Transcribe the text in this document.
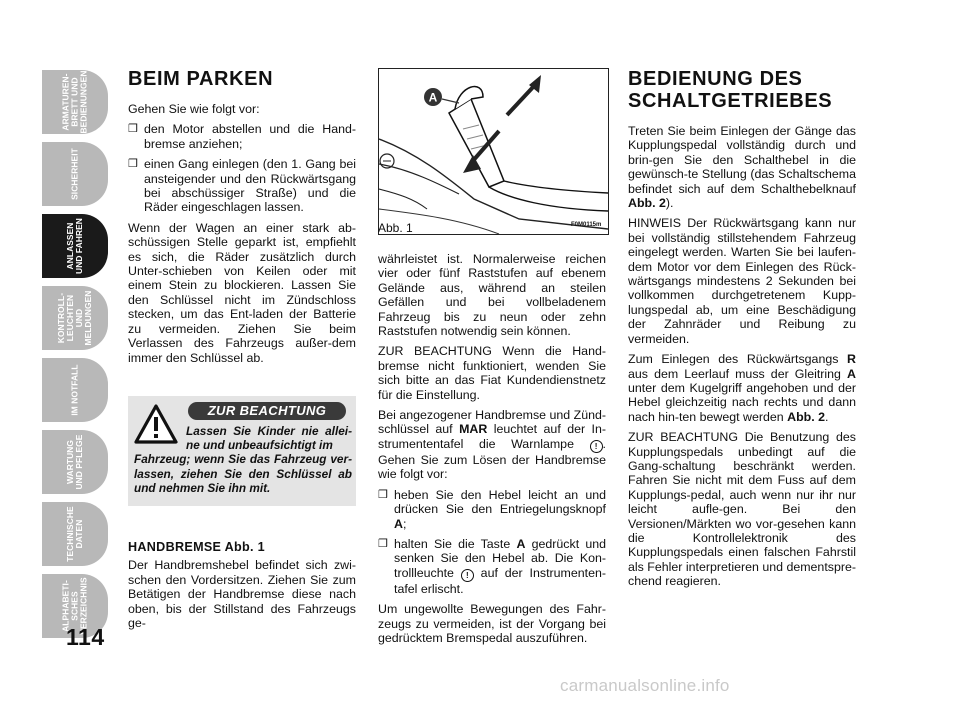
ARMATUREN-
BRETT UND
BEDIENUNGEN
SICHERHEIT
ANLASSEN
UND FAHREN
KONTROLL-
LEUCHTEN UND
MELDUNGEN
IM NOTFALL
WARTUNG
UND PFLEGE
TECHNISCHE
DATEN
ALPHABETI-
SCHES
VERZEICHNIS
114
BEIM PARKEN

Gehen Sie wie folgt vor:

❒ den Motor abstellen und die Hand-bremse anziehen;

❒ einen Gang einlegen (den 1. Gang bei ansteigender und den Rückwärtsgang bei abschüssiger Straße) und die Räder eingeschlagen lassen.

Wenn der Wagen an einer stark ab-schüssigen Stelle geparkt ist, empfiehlt es sich, die Räder zusätzlich durch Unter-schieben von Keilen oder mit einem Stein zu blockieren. Lassen Sie den Schlüssel nicht im Zündschloss stecken, um das Ent-laden der Batterie zu vermeiden. Ziehen Sie beim Verlassen des Fahrzeugs außer-dem immer den Schlüssel ab.

ZUR BEACHTUNG
Lassen Sie Kinder nie allei-ne und unbeaufsichtigt im
Fahrzeug; wenn Sie das Fahrzeug ver-lassen, ziehen Sie den Schlüssel ab und nehmen Sie ihn mit.
HANDBREMSE Abb. 1

Der Handbremshebel befindet sich zwi-schen den Vordersitzen. Ziehen Sie zum Betätigen der Handbremse diese nach oben, bis der Stillstand des Fahrzeugs ge-

A
Abb. 1	F0M0115m

währleistet ist. Normalerweise reichen vier oder fünf Raststufen auf ebenem Gelände aus, während an steilen Gefällen und bei vollbeladenem Fahrzeug bis zu neun oder zehn Raststufen notwendig sein können.

ZUR BEACHTUNG Wenn die Hand-bremse nicht funktioniert, wenden Sie sich bitte an das Fiat Kundendienstnetz für die Einstellung.

Bei angezogener Handbremse und Zünd-schlüssel auf MAR leuchtet auf der In-strumententafel die Warnlampe	! . Gehen Sie zum Lösen der Handbremse wie folgt vor:

❒ heben Sie den Hebel leicht an und drücken Sie den Entriegelungsknopf A;

❒ halten Sie die Taste A gedrückt und senken Sie den Hebel ab. Die Kon-trollleuchte ! auf der Instrumenten-tafel erlischt.

Um ungewollte Bewegungen des Fahr-zeugs zu vermeiden, ist der Vorgang bei gedrücktem Bremspedal auszuführen.

BEDIENUNG DES SCHALTGETRIEBES

Treten Sie beim Einlegen der Gänge das Kupplungspedal vollständig durch und brin-gen Sie den Schalthebel in die gewünsch-te Stellung (das Schaltschema befindet sich auf dem Schalthebelknauf Abb. 2).

HINWEIS Der Rückwärtsgang kann nur bei vollständig stillstehendem Fahrzeug eingelegt werden. Warten Sie bei laufen-dem Motor vor dem Einlegen des Rück-wärtsgangs mindestens 2 Sekunden bei vollkommen durchgetretenem Kupp-lungspedal ab, um eine Beschädigung der Zahnräder und Reibung zu vermeiden.

Zum Einlegen des Rückwärtsgangs R aus dem Leerlauf muss der Gleitring A unter dem Kugelgriff angehoben und der Hebel gleichzeitig nach rechts und dann nach hin-ten bewegt werden Abb. 2.

ZUR BEACHTUNG Die Benutzung des Kupplungspedals unbedingt auf die Gang-schaltung beschränkt werden. Fahren Sie nicht mit dem Fuss auf dem Kupplungs-pedal, auch wenn nur ihr nur leicht aufle-gen. Bei den Versionen/Märkten wo vor-gesehen kann die Kontrollelektronik des Kupplungspedals einen falschen Fahrstil als Fehler interpretieren und dementspre-chend reagieren.

carmanualsonline.info
